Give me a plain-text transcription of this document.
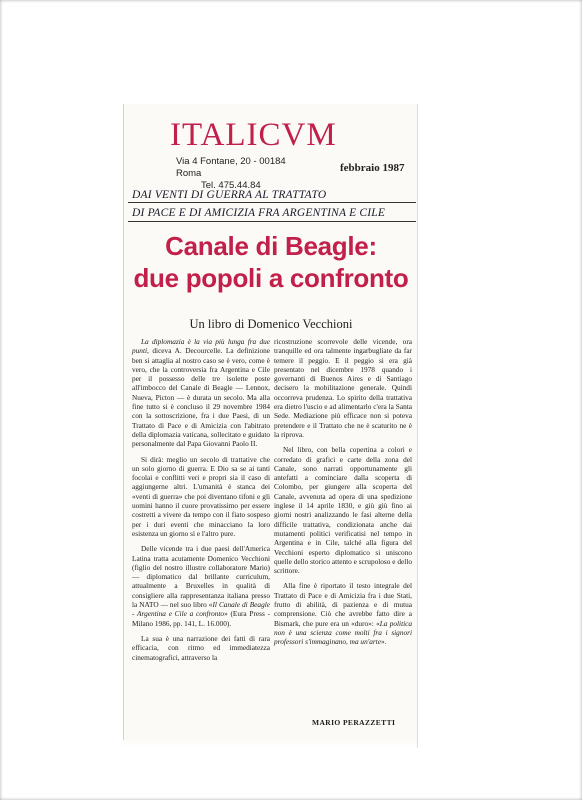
ITALICVM
Via 4 Fontane, 20 - 00184 Roma
Tel. 475.44.84
febbraio 1987
DAI VENTI DI GUERRA AL TRATTATO
DI PACE E DI AMICIZIA FRA ARGENTINA E CILE
Canale di Beagle:
due popoli a confronto
Un libro di Domenico Vecchioni

La diplomazia è la via più lunga fra due punti, diceva A. Decourcelle. La definizione ben si attaglia al nostro caso se è vero, come è vero, che la controversia fra Argentina e Cile per il possesso delle tre isolette poste all'imbocco del Canale di Beagle — Lennox, Nueva, Picton — è durata un secolo. Ma alla fine tutto si è concluso il 29 novembre 1984 con la sottoscrizione, fra i due Paesi, di un Trattato di Pace e di Amicizia con l'abitrato della diplomazia vaticana, sollecitato e guidato personalmente dal Papa Giovanni Paolo II.

Si dirà: meglio un secolo di trattative che un solo giorno di guerra. E Dio sa se ai tanti focolai e conflitti veri e propri sia il caso di aggiungerne altri. L'umanità è stanca dei «venti di guerra» che poi diventano tifoni e gli uomini hanno il cuore provatissimo per essere costretti a vivere da tempo con il fiato sospeso per i duri eventi che minacciano la loro esistenza un giorno sì e l'altro pure.

Delle vicende tra i due paesi dell'America Latina tratta acutamente Domenico Vecchioni (figlio del nostro illustre collaboratore Mario) — diplomatico dal brillante curriculum, attualmente a Bruxelles in qualità di consigliere alla rappresentanza italiana presso la NATO — nel suo libro «Il Canale di Beagle - Argentina e Cile a confronto» (Eura Press - Milano 1986, pp. 141, L. 16.000).

La sua è una narrazione dei fatti di rara efficacia, con ritmo ed immediatezza cinematografici, attraverso la

ricostruzione scorrevole delle vicende, ora tranquille ed ora talmente ingarbugliate da far temere il peggio. E il peggio si era già presentato nel dicembre 1978 quando i governanti di Buenos Aires e di Santiago decisero la mobilitazione generale. Quindi occorreva prudenza. Lo spirito della trattativa era dietro l'uscio e ad alimentarlo c'era la Santa Sede. Mediazione più efficace non si poteva pretendere e il Trattato che ne è scaturito ne è la riprova.

Nel libro, con bella copertina a colori e corredato di grafici e carte della zona del Canale, sono narrati opportunamente gli antefatti a cominciare dalla scoperta di Colombo, per giungere alla scoperta del Canale, avvenuta ad opera di una spedizione inglese il 14 aprile 1830, e giù giù fino ai giorni nostri analizzando le fasi alterne della difficile trattativa, condizionata anche dai mutamenti politici verificatisi nel tempo in Argentina e in Cile, talché alla figura del Vecchioni esperto diplomatico si uniscono quelle dello storico attento e scrupoloso e dello scrittore.

Alla fine è riportato il testo integrale del Trattato di Pace e di Amicizia fra i due Stati, frutto di abilità, di pazienza e di mutua comprensione. Ciò che avrebbe fatto dire a Bismark, che pure era un «duro»: «La politica non è una scienza come molti fra i signori professori s'immaginano, ma un'arte».

MARIO PERAZZETTI
